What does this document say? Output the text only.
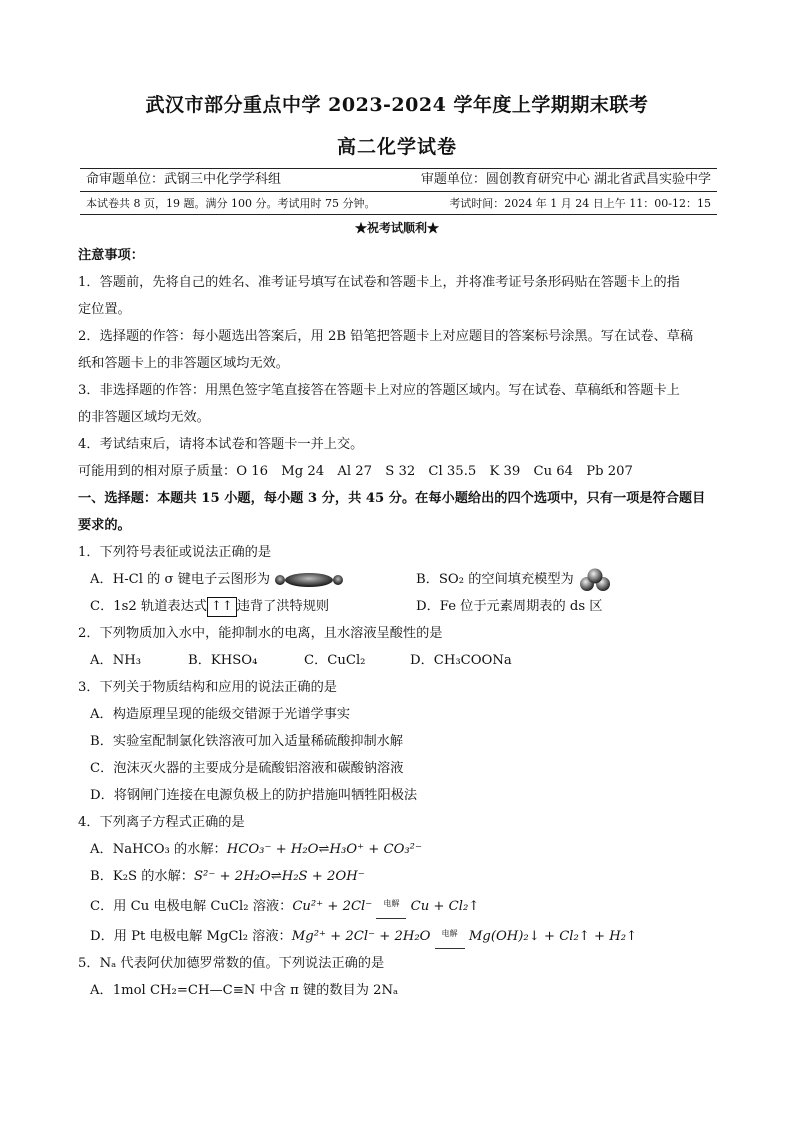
武汉市部分重点中学 2023-2024 学年度上学期期末联考
高二化学试卷
命审题单位：武钢三中化学学科组	审题单位：圆创教育研究中心 湖北省武昌实验中学
本试卷共 8 页，19 题。满分 100 分。考试用时 75 分钟。	考试时间：2024 年 1 月 24 日上午 11：00-12：15
★祝考试顺利★
注意事项：
1．答题前，先将自己的姓名、准考证号填写在试卷和答题卡上，并将准考证号条形码贴在答题卡上的指
定位置。
2．选择题的作答：每小题选出答案后，用 2B 铅笔把答题卡上对应题目的答案标号涂黑。写在试卷、草稿
纸和答题卡上的非答题区域均无效。
3．非选择题的作答：用黑色签字笔直接答在答题卡上对应的答题区域内。写在试卷、草稿纸和答题卡上
的非答题区域均无效。
4．考试结束后，请将本试卷和答题卡一并上交。
可能用到的相对原子质量：O 16　Mg 24　Al 27　S 32　Cl 35.5　K 39　Cu 64　Pb 207
一、选择题：本题共 15 小题，每小题 3 分，共 45 分。在每小题给出的四个选项中，只有一项是符合题目
要求的。
1．下列符号表征或说法正确的是
A．H-Cl 的 σ 键电子云图形为	B．SO₂ 的空间填充模型为
C．1s2 轨道表达式 ↑↑ 违背了洪特规则	D．Fe 位于元素周期表的 ds 区
2．下列物质加入水中，能抑制水的电离，且水溶液呈酸性的是
A．NH₃	B．KHSO₄	C．CuCl₂	D．CH₃COONa
3．下列关于物质结构和应用的说法正确的是
A．构造原理呈现的能级交错源于光谱学事实
B．实验室配制氯化铁溶液可加入适量稀硫酸抑制水解
C．泡沫灭火器的主要成分是硫酸铝溶液和碳酸钠溶液
D．将钢闸门连接在电源负极上的防护措施叫牺牲阳极法
4．下列离子方程式正确的是
A．NaHCO₃ 的水解：HCO₃⁻ + H₂O⇌H₃O⁺ + CO₃²⁻
B．K₂S 的水解：S²⁻ + 2H₂O⇌H₂S + 2OH⁻
C．用 Cu 电极电解 CuCl₂ 溶液：Cu²⁺ + 2Cl⁻ 电解 Cu + Cl₂↑
D．用 Pt 电极电解 MgCl₂ 溶液：Mg²⁺ + 2Cl⁻ + 2H₂O 电解 Mg(OH)₂↓ + Cl₂↑ + H₂↑
5．Nₐ 代表阿伏加德罗常数的值。下列说法正确的是
A．1mol CH₂=CH—C≡N 中含 π 键的数目为 2Nₐ
